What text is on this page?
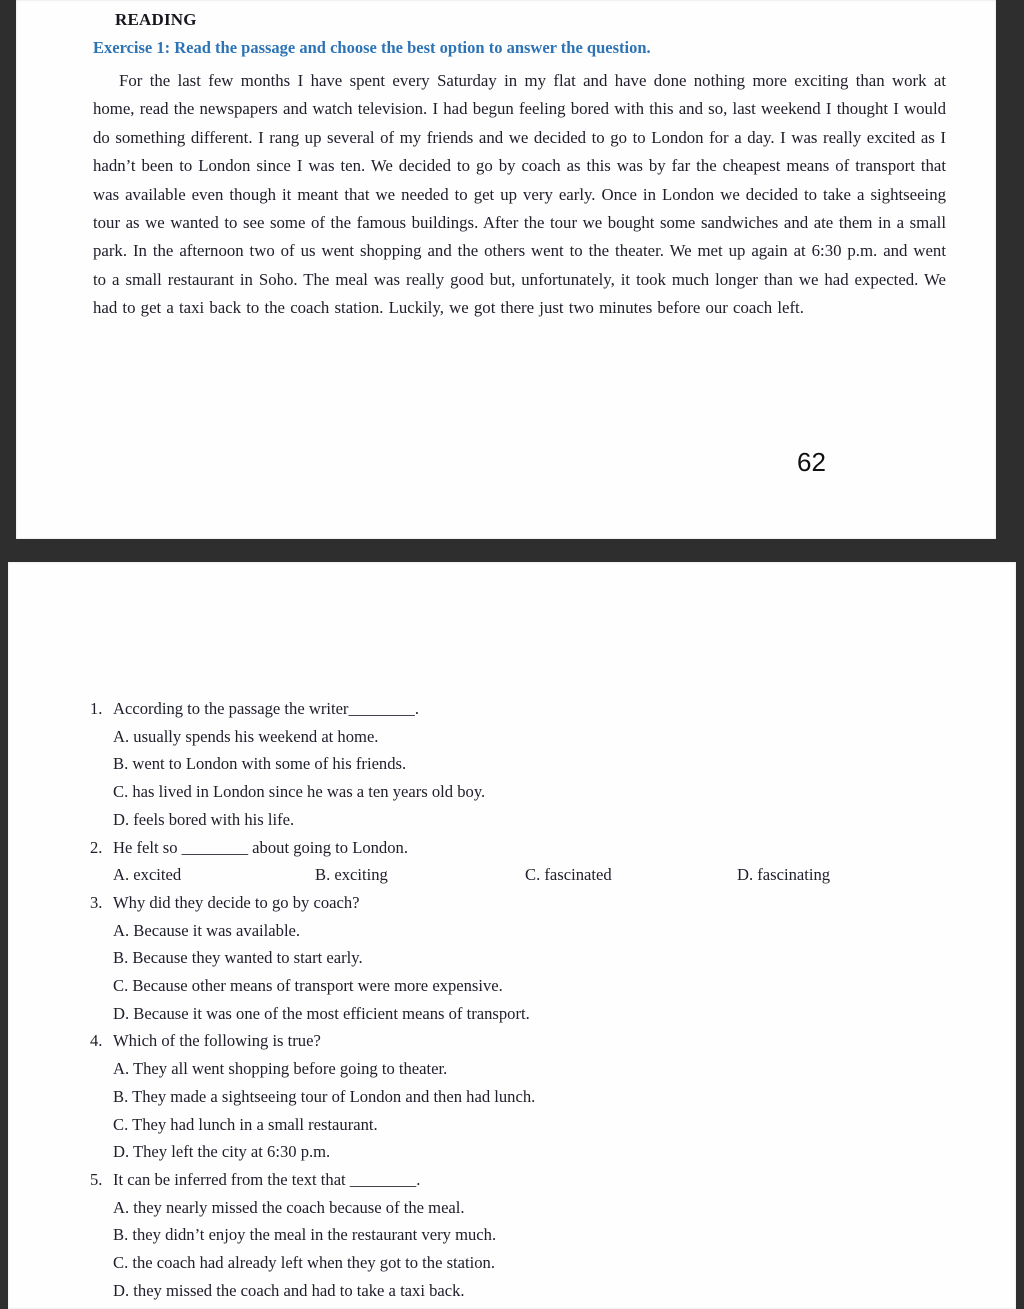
READING
Exercise 1: Read the passage and choose the best option to answer the question.

For the last few months I have spent every Saturday in my flat and have done nothing more exciting than work at home, read the newspapers and watch television. I had begun feeling bored with this and so, last weekend I thought I would do something different. I rang up several of my friends and we decided to go to London for a day. I was really excited as I hadn’t been to London since I was ten. We decided to go by coach as this was by far the cheapest means of transport that was available even though it meant that we needed to get up very early. Once in London we decided to take a sightseeing tour as we wanted to see some of the famous buildings. After the tour we bought some sandwiches and ate them in a small park. In the afternoon two of us went shopping and the others went to the theater. We met up again at 6:30 p.m. and went to a small restaurant in Soho. The meal was really good but, unfortunately, it took much longer than we had expected. We had to get a taxi back to the coach station. Luckily, we got there just two minutes before our coach left.

62
1. According to the passage the writer________.
A. usually spends his weekend at home.
B. went to London with some of his friends.
C. has lived in London since he was a ten years old boy.
D. feels bored with his life.
2. He felt so ________ about going to London.
A. excited	B. exciting	C. fascinated	D. fascinating
3. Why did they decide to go by coach?
A. Because it was available.
B. Because they wanted to start early.
C. Because other means of transport were more expensive.
D. Because it was one of the most efficient means of transport.
4. Which of the following is true?
A. They all went shopping before going to theater.
B. They made a sightseeing tour of London and then had lunch.
C. They had lunch in a small restaurant.
D. They left the city at 6:30 p.m.
5. It can be inferred from the text that ________.
A. they nearly missed the coach because of the meal.
B. they didn’t enjoy the meal in the restaurant very much.
C. the coach had already left when they got to the station.
D. they missed the coach and had to take a taxi back.
